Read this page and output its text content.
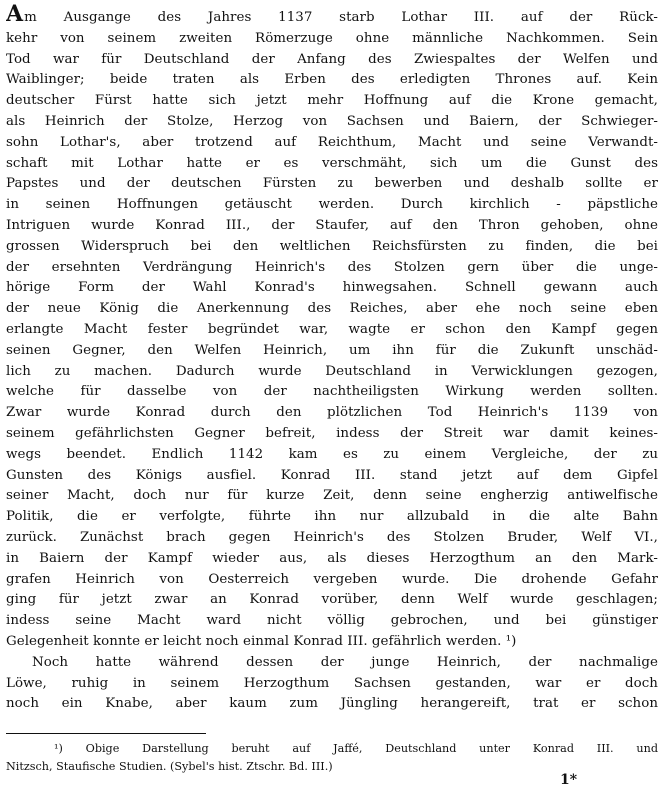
Am Ausgange des Jahres 1137 starb Lothar III. auf der Rück-
kehr von seinem zweiten Römerzuge ohne männliche Nachkommen. Sein
Tod war für Deutschland der Anfang des Zwiespaltes der Welfen und
Waiblinger; beide traten als Erben des erledigten Thrones auf. Kein
deutscher Fürst hatte sich jetzt mehr Hoffnung auf die Krone gemacht,
als Heinrich der Stolze, Herzog von Sachsen und Baiern, der Schwieger-
sohn Lothar's, aber trotzend auf Reichthum, Macht und seine Verwandt-
schaft mit Lothar hatte er es verschmäht, sich um die Gunst des
Papstes und der deutschen Fürsten zu bewerben und deshalb sollte er
in seinen Hoffnungen getäuscht werden. Durch kirchlich - päpstliche
Intriguen wurde Konrad III., der Staufer, auf den Thron gehoben, ohne
grossen Widerspruch bei den weltlichen Reichsfürsten zu finden, die bei
der ersehnten Verdrängung Heinrich's des Stolzen gern über die unge-
hörige Form der Wahl Konrad's hinwegsahen. Schnell gewann auch
der neue König die Anerkennung des Reiches, aber ehe noch seine eben
erlangte Macht fester begründet war, wagte er schon den Kampf gegen
seinen Gegner, den Welfen Heinrich, um ihn für die Zukunft unschäd-
lich zu machen. Dadurch wurde Deutschland in Verwicklungen gezogen,
welche für dasselbe von der nachtheiligsten Wirkung werden sollten.
Zwar wurde Konrad durch den plötzlichen Tod Heinrich's 1139 von
seinem gefährlichsten Gegner befreit, indess der Streit war damit keines-
wegs beendet. Endlich 1142 kam es zu einem Vergleiche, der zu
Gunsten des Königs ausfiel. Konrad III. stand jetzt auf dem Gipfel
seiner Macht, doch nur für kurze Zeit, denn seine engherzig antiwelfische
Politik, die er verfolgte, führte ihn nur allzubald in die alte Bahn
zurück. Zunächst brach gegen Heinrich's des Stolzen Bruder, Welf VI.,
in Baiern der Kampf wieder aus, als dieses Herzogthum an den Mark-
grafen Heinrich von Oesterreich vergeben wurde. Die drohende Gefahr
ging für jetzt zwar an Konrad vorüber, denn Welf wurde geschlagen;
indess seine Macht ward nicht völlig gebrochen, und bei günstiger
Gelegenheit konnte er leicht noch einmal Konrad III. gefährlich werden. ¹)
Noch hatte während dessen der junge Heinrich, der nachmalige
Löwe, ruhig in seinem Herzogthum Sachsen gestanden, war er doch
noch ein Knabe, aber kaum zum Jüngling herangereift, trat er schon
¹) Obige Darstellung beruht auf Jaffé, Deutschland unter Konrad III. und
Nitzsch, Staufische Studien. (Sybel's hist. Ztschr. Bd. III.)
1*
